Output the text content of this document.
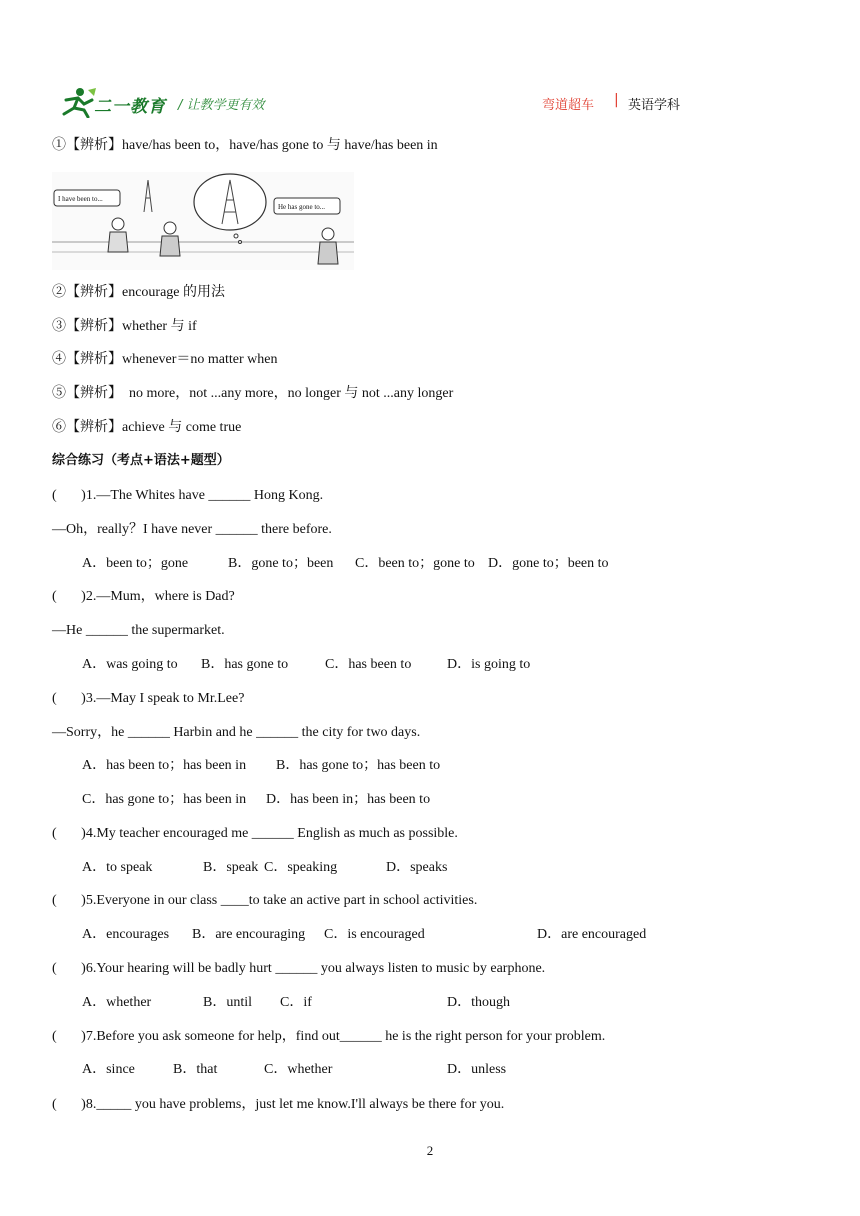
二一教育 / 让教学更有效	弯道超车 | 英语学科
①【辨析】have/has been to，have/has gone to 与 have/has been in
I have been to...
He has gone to...
②【辨析】encourage 的用法
③【辨析】whether 与 if
④【辨析】whenever＝no matter when
⑤【辨析】  no more，not ...any more，no longer 与 not ...any longer
⑥【辨析】achieve 与 come true
综合练习（考点+语法+题型）
(       )1.—The Whites have ______ Hong Kong.
—Oh，really？I have never ______ there before.
A．been to；gone	B．gone to；been C．been to；gone to D．gone to；been to
(       )2.—Mum，where is Dad?
—He ______ the supermarket.
A．was going to B．has gone to	C．has been to	D．is going to
(       )3.—May I speak to Mr.Lee?
—Sorry，he ______ Harbin and he ______ the city for two days.
A．has been to；has been in B．has gone to；has been to
C．has gone to；has been in D．has been in；has been to
(       )4.My teacher encouraged me ______ English as much as possible.
A．to speak	B．speak C．speaking	D．speaks
(       )5.Everyone in our class ____to take an active part in school activities.
A．encourages B．are encouraging C．is encouraged	D．are encouraged
(       )6.Your hearing will be badly hurt ______ you always listen to music by earphone.
A．whether	B．until C．if	D．though
(       )7.Before you ask someone for help，find out______ he is the right person for your problem.
A．since	B．that	C．whether	D．unless
(       )8._____ you have problems，just let me know.I'll always be there for you.
2
